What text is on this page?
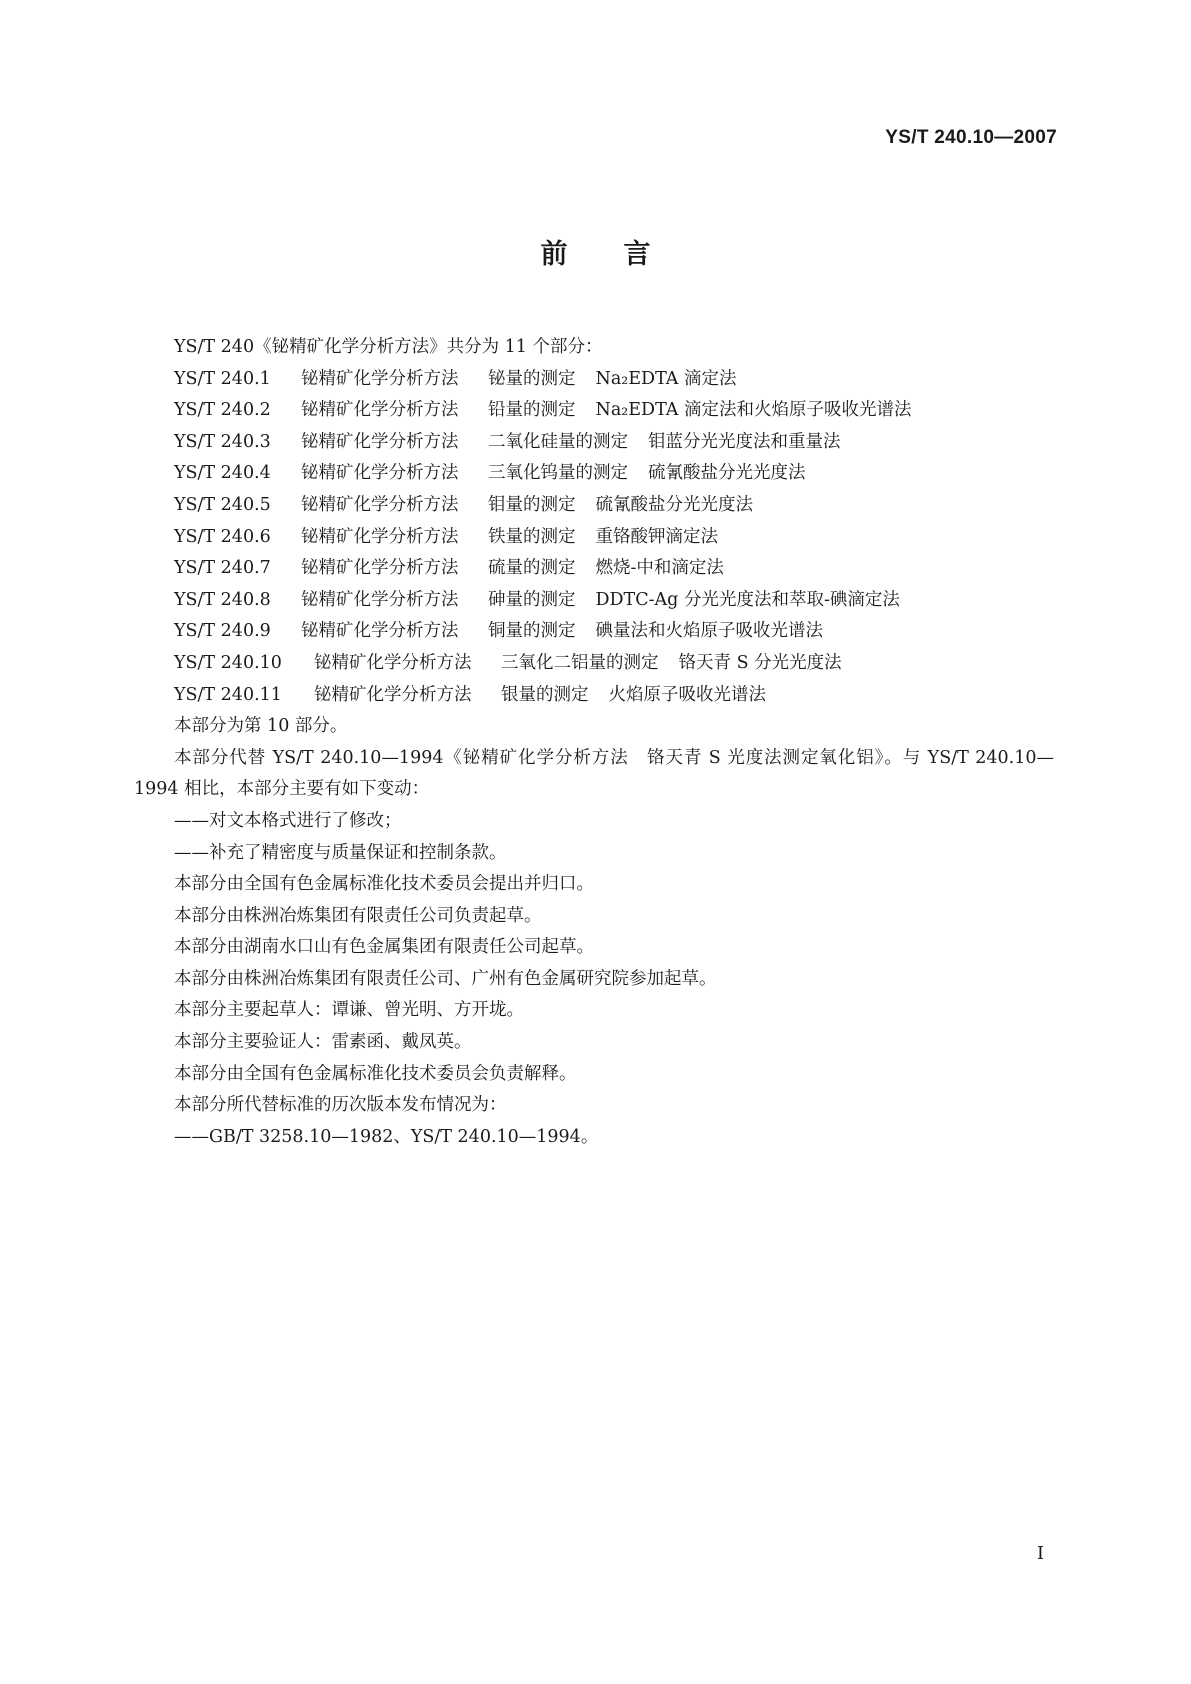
YS/T 240.10—2007
前言

YS/T 240《铋精矿化学分析方法》共分为 11 个部分：

YS/T 240.1	铋精矿化学分析方法	铋量的测定 Na₂EDTA 滴定法
YS/T 240.2	铋精矿化学分析方法	铅量的测定 Na₂EDTA 滴定法和火焰原子吸收光谱法
YS/T 240.3	铋精矿化学分析方法	二氧化硅量的测定 钼蓝分光光度法和重量法
YS/T 240.4	铋精矿化学分析方法	三氧化钨量的测定 硫氰酸盐分光光度法
YS/T 240.5	铋精矿化学分析方法	钼量的测定 硫氰酸盐分光光度法
YS/T 240.6	铋精矿化学分析方法	铁量的测定 重铬酸钾滴定法
YS/T 240.7	铋精矿化学分析方法	硫量的测定 燃烧-中和滴定法
YS/T 240.8	铋精矿化学分析方法	砷量的测定 DDTC-Ag 分光光度法和萃取-碘滴定法
YS/T 240.9	铋精矿化学分析方法	铜量的测定 碘量法和火焰原子吸收光谱法
YS/T 240.10	铋精矿化学分析方法	三氧化二铝量的测定 铬天青 S 分光光度法
YS/T 240.11	铋精矿化学分析方法	银量的测定 火焰原子吸收光谱法

本部分为第 10 部分。

本部分代替 YS/T 240.10—1994《铋精矿化学分析方法　铬天青 S 光度法测定氧化铝》。与 YS/T 240.10—1994 相比，本部分主要有如下变动：

——对文本格式进行了修改；

——补充了精密度与质量保证和控制条款。

本部分由全国有色金属标准化技术委员会提出并归口。

本部分由株洲冶炼集团有限责任公司负责起草。

本部分由湖南水口山有色金属集团有限责任公司起草。

本部分由株洲冶炼集团有限责任公司、广州有色金属研究院参加起草。

本部分主要起草人：谭谦、曾光明、方开垅。

本部分主要验证人：雷素函、戴凤英。

本部分由全国有色金属标准化技术委员会负责解释。

本部分所代替标准的历次版本发布情况为：

——GB/T 3258.10—1982、YS/T 240.10—1994。

I
